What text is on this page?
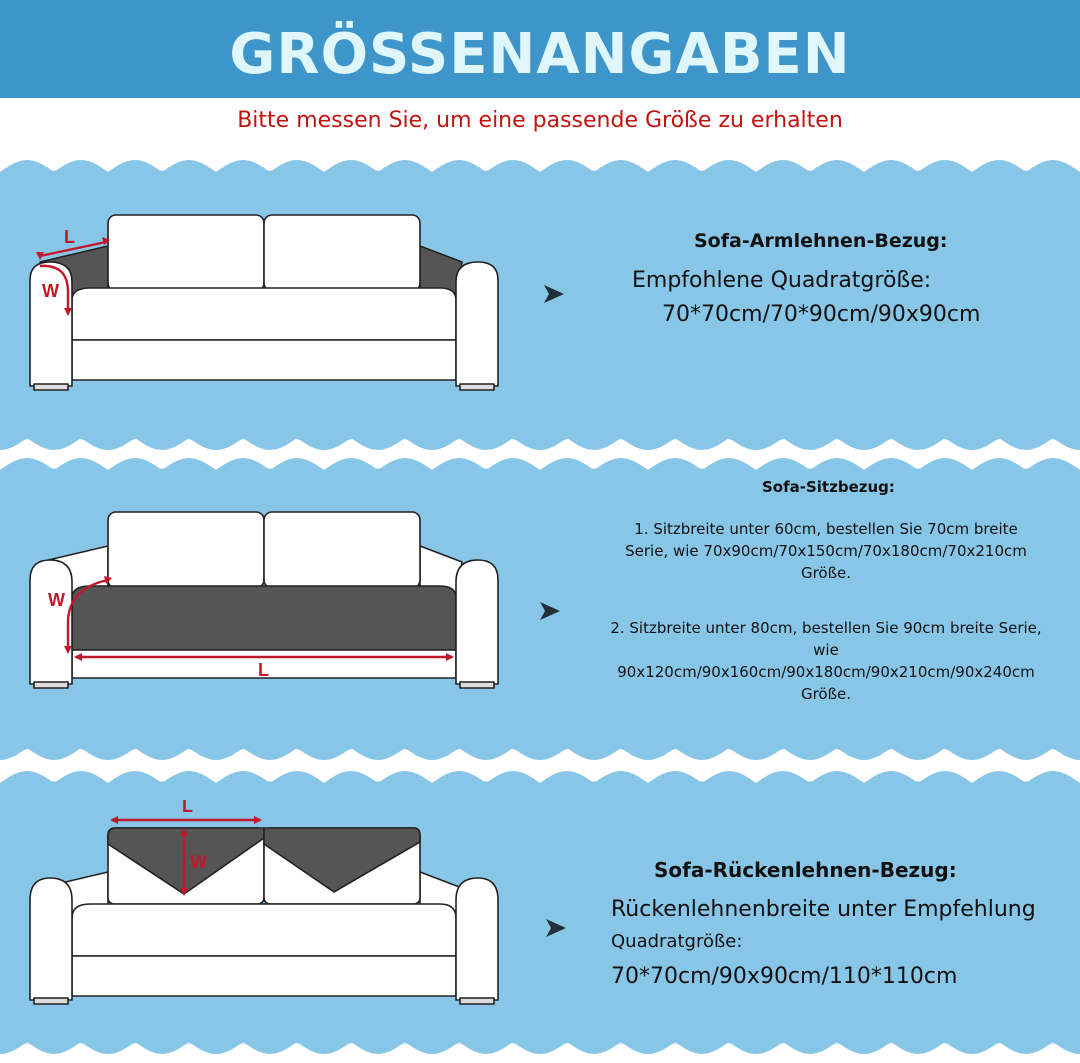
GRÖSSENANGABEN
Bitte messen Sie, um eine passende Größe zu erhalten
L
W
Sofa-Armlehnen-Bezug:
Empfohlene Quadratgröße:
70*70cm/70*90cm/90x90cm
W
L
Sofa-Sitzbezug:
1. Sitzbreite unter 60cm, bestellen Sie 70cm breite
Serie, wie 70x90cm/70x150cm/70x180cm/70x210cm
Größe.
2. Sitzbreite unter 80cm, bestellen Sie 90cm breite Serie,
wie
90x120cm/90x160cm/90x180cm/90x210cm/90x240cm
Größe.
L
W	Sofa-Rückenlehnen-Bezug:
Rückenlehnenbreite unter Empfehlung
Quadratgröße:
70*70cm/90x90cm/110*110cm
